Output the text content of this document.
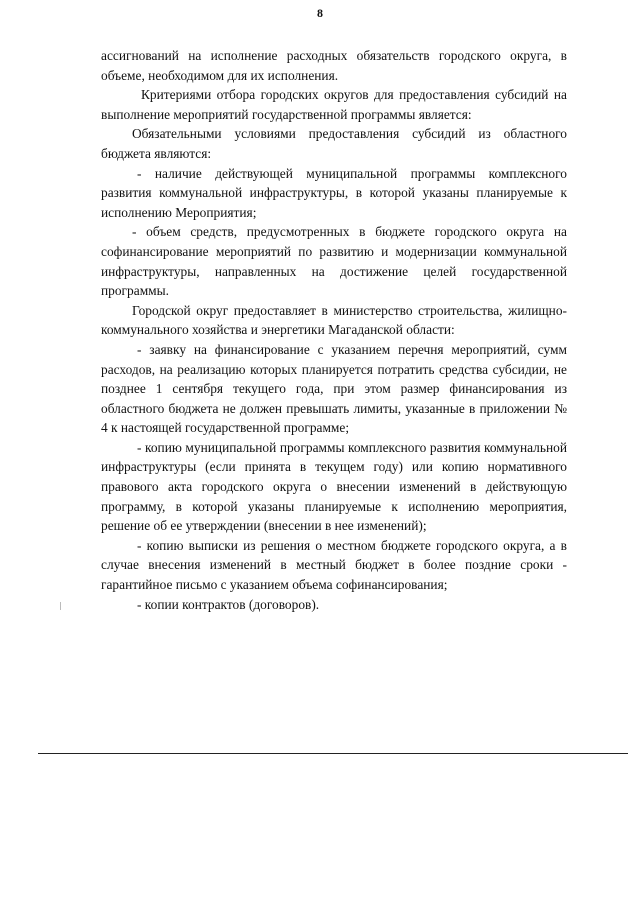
8

ассигнований на исполнение расходных обязательств городского округа, в объеме, необходимом для их исполнения.

Критериями отбора городских округов для предоставления субсидий на выполнение мероприятий государственной программы является:

Обязательными условиями предоставления субсидий из областного бюджета являются:

- наличие действующей муниципальной программы комплексного развития коммунальной инфраструктуры, в которой указаны планируемые к исполнению Мероприятия;

- объем средств, предусмотренных в бюджете городского округа на софинансирование мероприятий по развитию и модернизации коммунальной инфраструктуры, направленных на достижение целей государственной программы.

Городской округ предоставляет в министерство строительства, жилищно-коммунального хозяйства и энергетики Магаданской области:

- заявку на финансирование с указанием перечня мероприятий, сумм расходов, на реализацию которых планируется потратить средства субсидии, не позднее 1 сентября текущего года, при этом размер финансирования из областного бюджета не должен превышать лимиты, указанные в приложении № 4 к настоящей государственной программе;

- копию муниципальной программы комплексного развития коммунальной инфраструктуры (если принята в текущем году) или копию нормативного правового акта городского округа о внесении изменений в действующую программу, в которой указаны планируемые к исполнению мероприятия, решение об ее утверждении (внесении в нее изменений);

- копию выписки из решения о местном бюджете городского округа, а в случае внесения изменений в местный бюджет в более поздние сроки - гарантийное письмо с указанием объема софинансирования;

- копии контрактов (договоров).
